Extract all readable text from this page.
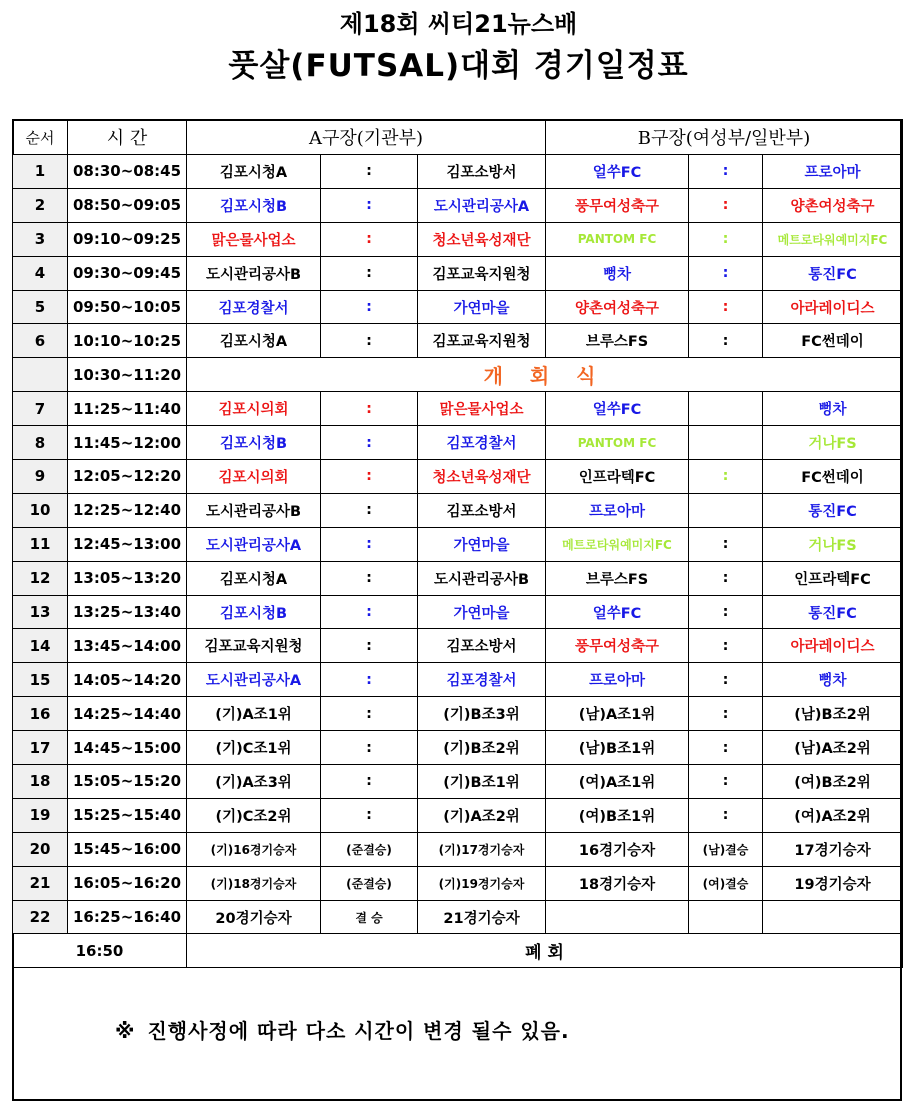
제18회 씨티21뉴스배
풋살(FUTSAL)대회 경기일정표
순서	시 간	A구장(기관부)			B구장(여성부/일반부)		
1	08:30~08:45	김포시청A	:	김포소방서	얼쑤FC	:	프로아마
2	08:50~09:05	김포시청B	:	도시관리공사A	풍무여성축구	:	양촌여성축구
3	09:10~09:25	맑은물사업소	:	청소년육성재단	PANTOM FC	:	메트로타워예미지FC
4	09:30~09:45	도시관리공사B	:	김포교육지원청	뻥차	:	통진FC
5	09:50~10:05	김포경찰서	:	가연마을	양촌여성축구	:	아라레이디스
6	10:10~10:25	김포시청A	:	김포교육지원청	브루스FS	:	FC썬데이
	10:30~11:20	개 회 식					
7	11:25~11:40	김포시의회	:	맑은물사업소	얼쑤FC		뻥차
8	11:45~12:00	김포시청B	:	김포경찰서	PANTOM FC		거나FS
9	12:05~12:20	김포시의회	:	청소년육성재단	인프라텍FC	:	FC썬데이
10	12:25~12:40	도시관리공사B	:	김포소방서	프로아마		통진FC
11	12:45~13:00	도시관리공사A	:	가연마을	메트로타워예미지FC	:	거나FS
12	13:05~13:20	김포시청A	:	도시관리공사B	브루스FS	:	인프라텍FC
13	13:25~13:40	김포시청B	:	가연마을	얼쑤FC	:	통진FC
14	13:45~14:00	김포교육지원청	:	김포소방서	풍무여성축구	:	아라레이디스
15	14:05~14:20	도시관리공사A	:	김포경찰서	프로아마	:	뻥차
16	14:25~14:40	(기)A조1위	:	(기)B조3위	(남)A조1위	:	(남)B조2위
17	14:45~15:00	(기)C조1위	:	(기)B조2위	(남)B조1위	:	(남)A조2위
18	15:05~15:20	(기)A조3위	:	(기)B조1위	(여)A조1위	:	(여)B조2위
19	15:25~15:40	(기)C조2위	:	(기)A조2위	(여)B조1위	:	(여)A조2위
20	15:45~16:00	(기)16경기승자	(준결승)	(기)17경기승자	16경기승자	(남)결승	17경기승자
21	16:05~16:20	(기)18경기승자	(준결승)	(기)19경기승자	18경기승자	(여)결승	19경기승자
22	16:25~16:40	20경기승자	결 승	21경기승자			
16:50		폐 회					
※ 진행사정에 따라 다소 시간이 변경 될수 있음.
